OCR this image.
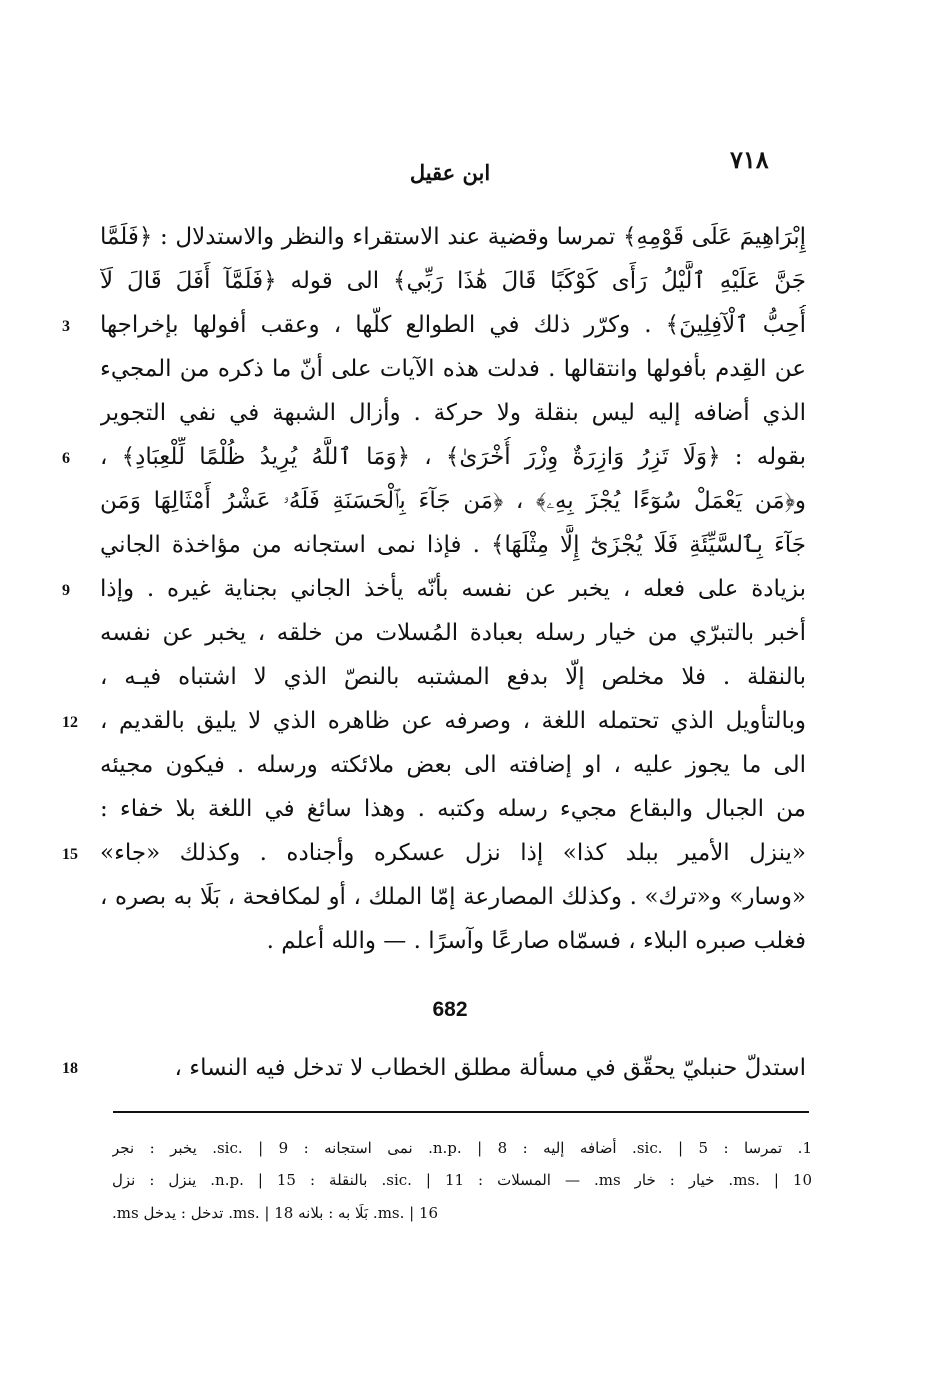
٧١٨
ابن عقيل
إِبْرَاهِيمَ عَلَى قَوْمِهِ﴾ تمرسا وقضية عند الاستقراء والنظر والاستدلال : ﴿فَلَمَّا
جَنَّ عَلَيْهِ ٱلَّيْلُ رَأَى كَوْكَبًا قَالَ هَٰذَا رَبِّي﴾ الى قوله ﴿فَلَمَّآ أَفَلَ قَالَ لَآ
أُحِبُّ ٱلْآفِلِينَ﴾ . وكرّر ذلك في الطوالع كلّها ، وعقب أفولها بإخراجها
عن القِدم بأفولها وانتقالها . فدلت هذه الآيات على أنّ ما ذكره من المجيء
الذي أضافه إليه ليس بنقلة ولا حركة . وأزال الشبهة في نفي التجوير
بقوله : ﴿وَلَا تَزِرُ وَازِرَةٌ وِزْرَ أُخْرَىٰ﴾ ، ﴿وَمَا ٱللَّهُ يُرِيدُ ظُلْمًا لِّلْعِبَادِ﴾ ،
و﴿مَن يَعْمَلْ سُوٓءًا يُجْزَ بِهِۦ﴾ ، ﴿مَن جَآءَ بِٱلْحَسَنَةِ فَلَهُۥ عَشْرُ أَمْثَالِهَا وَمَن
جَآءَ بِٱلسَّيِّئَةِ فَلَا يُجْزَىٰٓ إِلَّا مِثْلَهَا﴾ . فإذا نمى استجانه من مؤاخذة الجاني
بزيادة على فعله ، يخبر عن نفسه بأنّه يأخذ الجاني بجناية غيره . وإذا
أخبر بالتبرّي من خيار رسله بعبادة المُسلات من خلقه ، يخبر عن نفسه
بالنقلة . فلا مخلص إلّا بدفع المشتبه بالنصّ الذي لا اشتباه فيـه ،
وبالتأويل الذي تحتمله اللغة ، وصرفه عن ظاهره الذي لا يليق بالقديم ،
الى ما يجوز عليه ، او إضافته الى بعض ملائكته ورسله . فيكون مجيئه
من الجبال والبقاع مجيء رسله وكتبه . وهذا سائغ في اللغة بلا خفاء :
«ينزل الأمير ببلد كذا» إذا نزل عسكره وأجناده . وكذلك «جاء»
«وسار» و«ترك» . وكذلك المصارعة إمّا الملك ، أو لمكافحة ، بَلَا به بصره ،
فغلب صبره البلاء ، فسمّاه صارعًا وآسرًا . — والله أعلم .
3
6
9
12
15
18
682
استدلّ حنبليّ يحقّق في مسألة مطلق الخطاب لا تدخل فيه النساء ،
1. تمرسا : sic. | 5. أضافه إليه : n.p. | 8. نمى استجانه : sic. | 9. يخبر : نجر
ms. | 10. خيار : خار ms. — المسلات : sic. | 11. بالنقلة : n.p. | 15. ينزل : نزل
ms. | 16. بَلَا به : بلانه ms. | 18. تدخل : يدخل ms.
